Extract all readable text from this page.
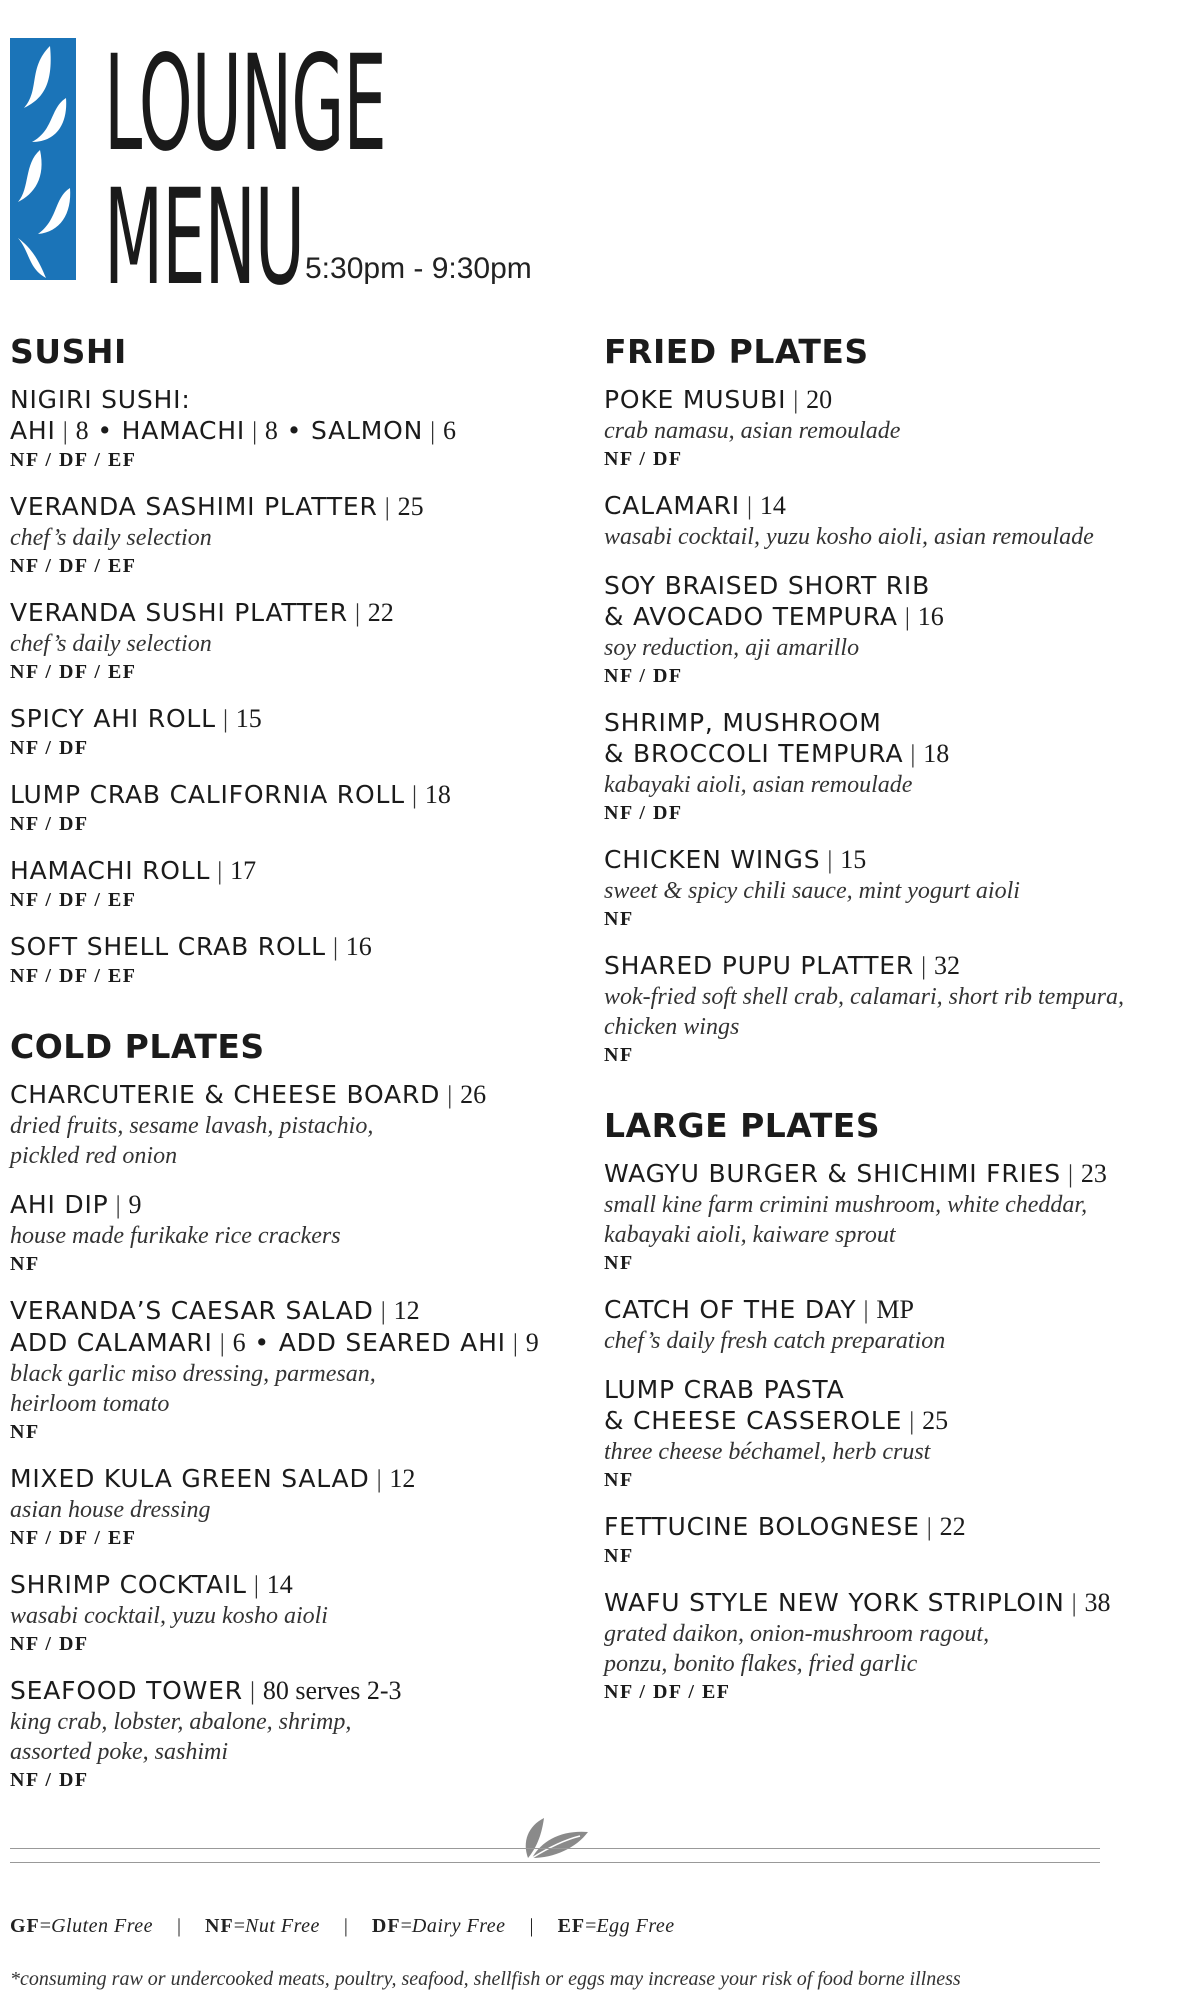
LOUNGE
MENU 5:30pm - 9:30pm
SUSHI
NIGIRI SUSHI:
AHI | 8 • HAMACHI | 8 • SALMON | 6
NF / DF / EF
VERANDA SASHIMI PLATTER | 25
chef’s daily selection
NF / DF / EF
VERANDA SUSHI PLATTER | 22
chef’s daily selection
NF / DF / EF
SPICY AHI ROLL | 15
NF / DF
LUMP CRAB CALIFORNIA ROLL | 18
NF / DF
HAMACHI ROLL | 17
NF / DF / EF
SOFT SHELL CRAB ROLL | 16
NF / DF / EF
COLD PLATES
CHARCUTERIE & CHEESE BOARD | 26
dried fruits, sesame lavash, pistachio,
pickled red onion
AHI DIP | 9
house made furikake rice crackers
NF
VERANDA’S CAESAR SALAD | 12
ADD CALAMARI | 6 • ADD SEARED AHI | 9
black garlic miso dressing, parmesan,
heirloom tomato
NF
MIXED KULA GREEN SALAD | 12
asian house dressing
NF / DF / EF
SHRIMP COCKTAIL | 14
wasabi cocktail, yuzu kosho aioli
NF / DF
SEAFOOD TOWER | 80 serves 2-3
king crab, lobster, abalone, shrimp,
assorted poke, sashimi
NF / DF
FRIED PLATES
POKE MUSUBI | 20
crab namasu, asian remoulade
NF / DF
CALAMARI | 14
wasabi cocktail, yuzu kosho aioli, asian remoulade
SOY BRAISED SHORT RIB
& AVOCADO TEMPURA | 16
soy reduction, aji amarillo
NF / DF
SHRIMP, MUSHROOM
& BROCCOLI TEMPURA | 18
kabayaki aioli, asian remoulade
NF / DF
CHICKEN WINGS | 15
sweet & spicy chili sauce, mint yogurt aioli
NF
SHARED PUPU PLATTER | 32
wok-fried soft shell crab, calamari, short rib tempura,
chicken wings
NF
LARGE PLATES
WAGYU BURGER & SHICHIMI FRIES | 23
small kine farm crimini mushroom, white cheddar,
kabayaki aioli, kaiware sprout
NF
CATCH OF THE DAY | MP
chef’s daily fresh catch preparation
LUMP CRAB PASTA
& CHEESE CASSEROLE | 25
three cheese béchamel, herb crust
NF
FETTUCINE BOLOGNESE | 22
NF
WAFU STYLE NEW YORK STRIPLOIN | 38
grated daikon, onion-mushroom ragout,
ponzu, bonito flakes, fried garlic
NF / DF / EF
GF=Gluten Free | NF=Nut Free | DF=Dairy Free | EF=Egg Free
*consuming raw or undercooked meats, poultry, seafood, shellfish or eggs may increase your risk of food borne illness
